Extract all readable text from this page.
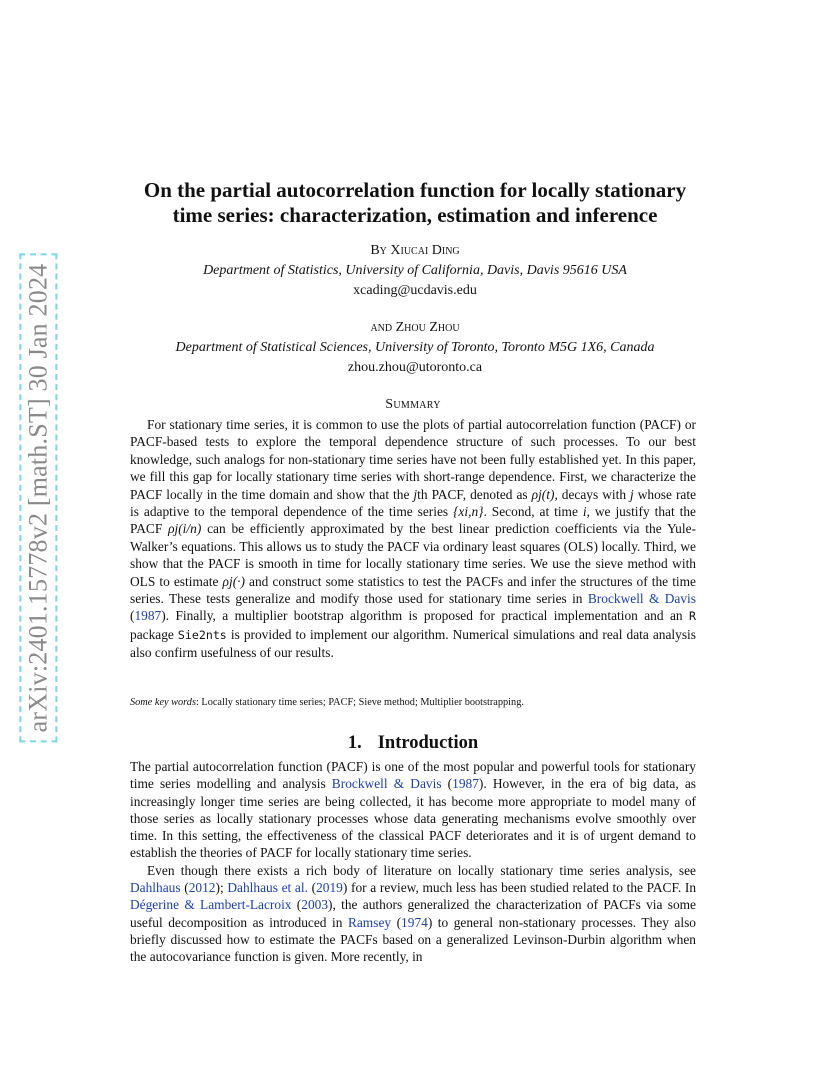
arXiv:2401.15778v2 [math.ST] 30 Jan 2024
On the partial autocorrelation function for locally stationary
time series: characterization, estimation and inference
By Xiucai Ding
Department of Statistics, University of California, Davis, Davis 95616 USA
xcading@ucdavis.edu
and Zhou Zhou
Department of Statistical Sciences, University of Toronto, Toronto M5G 1X6, Canada
zhou.zhou@utoronto.ca
Summary

For stationary time series, it is common to use the plots of partial autocorrelation function (PACF) or PACF-based tests to explore the temporal dependence structure of such processes. To our best knowledge, such analogs for non-stationary time series have not been fully established yet. In this paper, we fill this gap for locally stationary time series with short-range dependence. First, we characterize the PACF locally in the time domain and show that the jth PACF, denoted as ρj(t), decays with j whose rate is adaptive to the temporal dependence of the time series {xi,n}. Second, at time i, we justify that the PACF ρj(i/n) can be efficiently approximated by the best linear prediction coefficients via the Yule-Walker’s equations. This allows us to study the PACF via ordinary least squares (OLS) locally. Third, we show that the PACF is smooth in time for locally stationary time series. We use the sieve method with OLS to estimate ρj(·) and construct some statistics to test the PACFs and infer the structures of the time series. These tests generalize and modify those used for stationary time series in Brockwell & Davis (1987). Finally, a multiplier bootstrap algorithm is proposed for practical implementation and an R package Sie2nts is provided to implement our algorithm. Numerical simulations and real data analysis also confirm usefulness of our results.

Some key words: Locally stationary time series; PACF; Sieve method; Multiplier bootstrapping.
1. Introduction

The partial autocorrelation function (PACF) is one of the most popular and powerful tools for stationary time series modelling and analysis Brockwell & Davis (1987). However, in the era of big data, as increasingly longer time series are being collected, it has become more appropriate to model many of those series as locally stationary processes whose data generating mechanisms evolve smoothly over time. In this setting, the effectiveness of the classical PACF deteriorates and it is of urgent demand to establish the theories of PACF for locally stationary time series.

Even though there exists a rich body of literature on locally stationary time series analysis, see Dahlhaus (2012); Dahlhaus et al. (2019) for a review, much less has been studied related to the PACF. In Dégerine & Lambert-Lacroix (2003), the authors generalized the characterization of PACFs via some useful decomposition as introduced in Ramsey (1974) to general non-stationary processes. They also briefly discussed how to estimate the PACFs based on a generalized Levinson-Durbin algorithm when the autocovariance function is given. More recently, in
